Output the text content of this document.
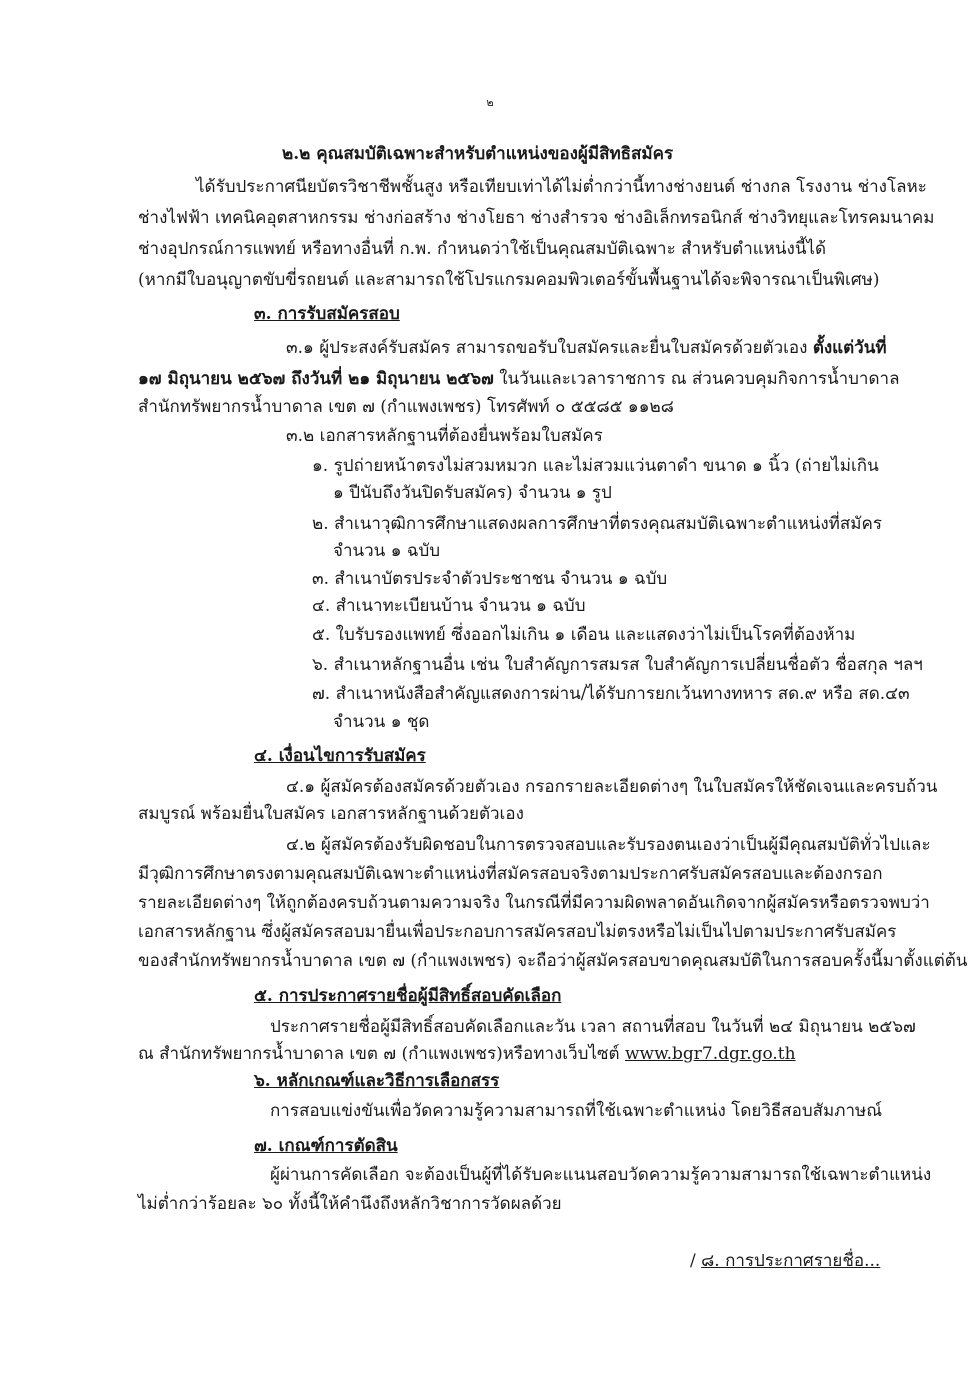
๒
๒.๒ คุณสมบัติเฉพาะสำหรับตำแหน่งของผู้มีสิทธิสมัคร
ได้รับประกาศนียบัตรวิชาชีพชั้นสูง หรือเทียบเท่าได้ไม่ต่ำกว่านี้ทางช่างยนต์ ช่างกล โรงงาน ช่างโลหะ
ช่างไฟฟ้า เทคนิคอุตสาหกรรม ช่างก่อสร้าง ช่างโยธา ช่างสำรวจ ช่างอิเล็กทรอนิกส์ ช่างวิทยุและโทรคมนาคม
ช่างอุปกรณ์การแพทย์ หรือทางอื่นที่ ก.พ. กำหนดว่าใช้เป็นคุณสมบัติเฉพาะ สำหรับตำแหน่งนี้ได้
(หากมีใบอนุญาตขับขี่รถยนต์ และสามารถใช้โปรแกรมคอมพิวเตอร์ขั้นพื้นฐานได้จะพิจารณาเป็นพิเศษ)
๓. การรับสมัครสอบ
๓.๑ ผู้ประสงค์รับสมัคร สามารถขอรับใบสมัครและยื่นใบสมัครด้วยตัวเอง ตั้งแต่วันที่
๑๗ มิถุนายน ๒๕๖๗ ถึงวันที่ ๒๑ มิถุนายน ๒๕๖๗ ในวันและเวลาราชการ ณ ส่วนควบคุมกิจการน้ำบาดาล
สำนักทรัพยากรน้ำบาดาล เขต ๗ (กำแพงเพชร) โทรศัพท์ ๐ ๕๕๘๕ ๑๑๒๘
๓.๒ เอกสารหลักฐานที่ต้องยื่นพร้อมใบสมัคร
๑. รูปถ่ายหน้าตรงไม่สวมหมวก และไม่สวมแว่นตาดำ ขนาด ๑ นิ้ว (ถ่ายไม่เกิน
๑ ปีนับถึงวันปิดรับสมัคร) จำนวน ๑ รูป
๒. สำเนาวุฒิการศึกษาแสดงผลการศึกษาที่ตรงคุณสมบัติเฉพาะตำแหน่งที่สมัคร
จำนวน ๑ ฉบับ
๓. สำเนาบัตรประจำตัวประชาชน จำนวน ๑ ฉบับ
๔. สำเนาทะเบียนบ้าน จำนวน ๑ ฉบับ
๕. ใบรับรองแพทย์ ซึ่งออกไม่เกิน ๑ เดือน และแสดงว่าไม่เป็นโรคที่ต้องห้าม
๖. สำเนาหลักฐานอื่น เช่น ใบสำคัญการสมรส ใบสำคัญการเปลี่ยนชื่อตัว ชื่อสกุล ฯลฯ
๗. สำเนาหนังสือสำคัญแสดงการผ่าน/ได้รับการยกเว้นทางทหาร สด.๙ หรือ สด.๔๓
จำนวน ๑ ชุด
๔. เงื่อนไขการรับสมัคร
๔.๑ ผู้สมัครต้องสมัครด้วยตัวเอง กรอกรายละเอียดต่างๆ ในใบสมัครให้ชัดเจนและครบถ้วน
สมบูรณ์ พร้อมยื่นใบสมัคร เอกสารหลักฐานด้วยตัวเอง
๔.๒ ผู้สมัครต้องรับผิดชอบในการตรวจสอบและรับรองตนเองว่าเป็นผู้มีคุณสมบัติทั่วไปและ
มีวุฒิการศึกษาตรงตามคุณสมบัติเฉพาะตำแหน่งที่สมัครสอบจริงตามประกาศรับสมัครสอบและต้องกรอก
รายละเอียดต่างๆ ให้ถูกต้องครบถ้วนตามความจริง ในกรณีที่มีความผิดพลาดอันเกิดจากผู้สมัครหรือตรวจพบว่า
เอกสารหลักฐาน ซึ่งผู้สมัครสอบมายื่นเพื่อประกอบการสมัครสอบไม่ตรงหรือไม่เป็นไปตามประกาศรับสมัคร
ของสำนักทรัพยากรน้ำบาดาล เขต ๗ (กำแพงเพชร) จะถือว่าผู้สมัครสอบขาดคุณสมบัติในการสอบครั้งนี้มาตั้งแต่ต้น
๕. การประกาศรายชื่อผู้มีสิทธิ์สอบคัดเลือก
ประกาศรายชื่อผู้มีสิทธิ์สอบคัดเลือกและวัน เวลา สถานที่สอบ ในวันที่ ๒๔ มิถุนายน ๒๕๖๗
ณ สำนักทรัพยากรน้ำบาดาล เขต ๗ (กำแพงเพชร)หรือทางเว็บไซต์ www.bgr7.dgr.go.th
๖. หลักเกณฑ์และวิธีการเลือกสรร
การสอบแข่งขันเพื่อวัดความรู้ความสามารถที่ใช้เฉพาะตำแหน่ง โดยวิธีสอบสัมภาษณ์
๗. เกณฑ์การตัดสิน
ผู้ผ่านการคัดเลือก จะต้องเป็นผู้ที่ได้รับคะแนนสอบวัดความรู้ความสามารถใช้เฉพาะตำแหน่ง
ไม่ต่ำกว่าร้อยละ ๖๐ ทั้งนี้ให้คำนึงถึงหลักวิชาการวัดผลด้วย
/ ๘. การประกาศรายชื่อ...
